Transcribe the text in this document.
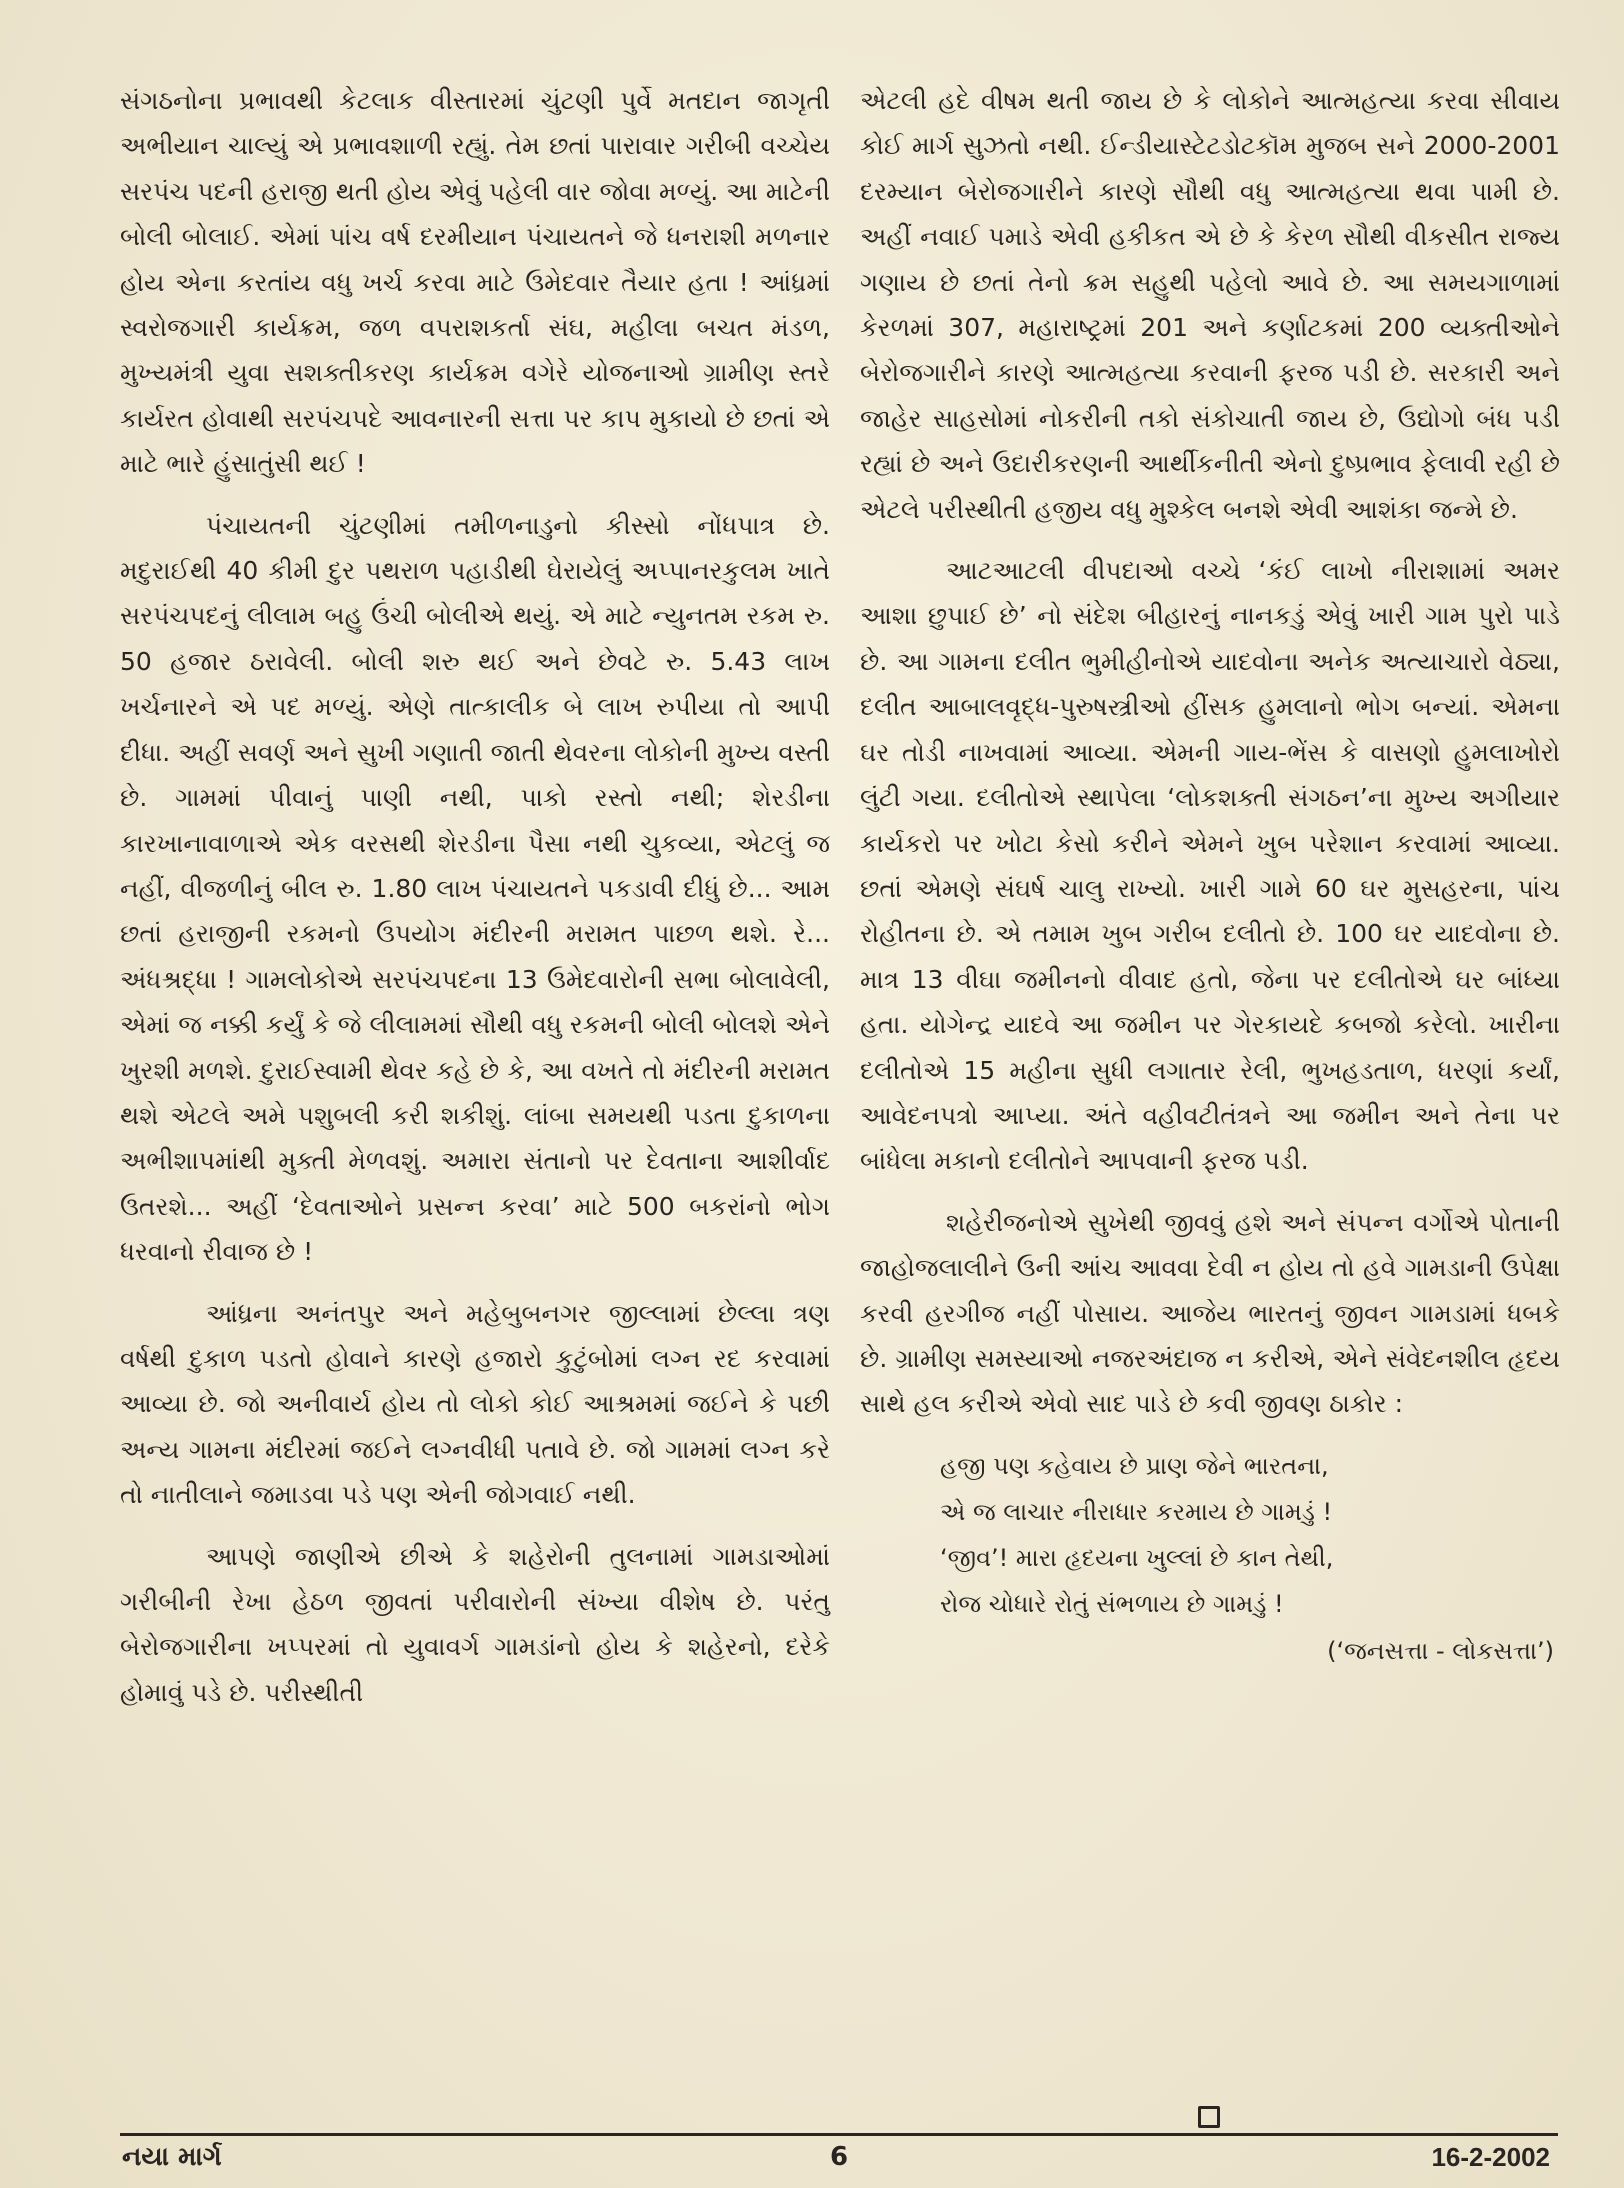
સંગઠનોના પ્રભાવથી કેટલાક વીસ્તારમાં ચુંટણી પુર્વે મતદાન જાગૃતી અભીયાન ચાલ્યું એ પ્રભાવશાળી રહ્યું. તેમ છતાં પારાવાર ગરીબી વચ્ચેય સરપંચ પદની હરાજી થતી હોય એવું પહેલી વાર જોવા મળ્યું. આ માટેની બોલી બોલાઈ. એમાં પાંચ વર્ષ દરમીયાન પંચાયતને જે ધનરાશી મળનાર હોય એના કરતાંય વધુ ખર્ચ કરવા માટે ઉમેદવાર તૈયાર હતા ! આંધ્રમાં સ્વરોજગારી કાર્યક્રમ, જળ વપરાશકર્તા સંઘ, મહીલા બચત મંડળ, મુખ્યમંત્રી યુવા સશક્તીકરણ કાર્યક્રમ વગેરે યોજનાઓ ગ્રામીણ સ્તરે કાર્યરત હોવાથી સરપંચપદે આવનારની સત્તા પર કાપ મુકાયો છે છતાં એ માટે ભારે હુંસાતુંસી થઈ !

પંચાયતની ચુંટણીમાં તમીળનાડુનો કીસ્સો નોંધપાત્ર છે. મદુરાઈથી 40 કીમી દુર પથરાળ પહાડીથી ઘેરાયેલું અપ્પાનરકુલમ ખાતે સરપંચપદનું લીલામ બહુ ઉંચી બોલીએ થયું. એ માટે ન્યુનતમ રકમ રુ. 50 હજાર ઠરાવેલી. બોલી શરુ થઈ અને છેવટે રુ. 5.43 લાખ ખર્ચનારને એ પદ મળ્યું. એણે તાત્કાલીક બે લાખ રુપીયા તો આપી દીધા. અહીં સવર્ણ અને સુખી ગણાતી જાતી થેવરના લોકોની મુખ્ય વસ્તી છે. ગામમાં પીવાનું પાણી નથી, પાકો રસ્તો નથી; શેરડીના કારખાનાવાળાએ એક વરસથી શેરડીના પૈસા નથી ચુકવ્યા, એટલું જ નહીં, વીજળીનું બીલ રુ. 1.80 લાખ પંચાયતને પકડાવી દીધું છે... આમ છતાં હરાજીની રકમનો ઉપયોગ મંદીરની મરામત પાછળ થશે. રે... અંધશ્રદ્ધા ! ગામલોકોએ સરપંચપદના 13 ઉમેદવારોની સભા બોલાવેલી, એમાં જ નક્કી કર્યું કે જે લીલામમાં સૌથી વધુ રકમની બોલી બોલશે એને ખુરશી મળશે. દુરાઈસ્વામી થેવર કહે છે કે, આ વખતે તો મંદીરની મરામત થશે એટલે અમે પશુબલી કરી શકીશું. લાંબા સમયથી પડતા દુકાળના અભીશાપમાંથી મુક્તી મેળવશું. અમારા સંતાનો પર દેવતાના આશીર્વાદ ઉતરશે... અહીં ‘દેવતાઓને પ્રસન્ન કરવા’ માટે 500 બકરાંનો ભોગ ધરવાનો રીવાજ છે !

આંધ્રના અનંતપુર અને મહેબુબનગર જીલ્લામાં છેલ્લા ત્રણ વર્ષથી દુકાળ પડતો હોવાને કારણે હજારો કુટુંબોમાં લગ્ન રદ કરવામાં આવ્યા છે. જો અનીવાર્ય હોય તો લોકો કોઈ આશ્રમમાં જઈને કે પછી અન્ય ગામના મંદીરમાં જઈને લગ્નવીધી પતાવે છે. જો ગામમાં લગ્ન કરે તો નાતીલાને જમાડવા પડે પણ એની જોગવાઈ નથી.

આપણે જાણીએ છીએ કે શહેરોની તુલનામાં ગામડાઓમાં ગરીબીની રેખા હેઠળ જીવતાં પરીવારોની સંખ્યા વીશેષ છે. પરંતુ બેરોજગારીના ખપ્પરમાં તો યુવાવર્ગ ગામડાંનો હોય કે શહેરનો, દરેકે હોમાવું પડે છે. પરીસ્થીતી

એટલી હદે વીષમ થતી જાય છે કે લોકોને આત્મહત્યા કરવા સીવાય કોઈ માર્ગ સુઝતો નથી. ઈન્ડીયાસ્ટેટડોટકૉમ મુજબ સને 2000-2001 દરમ્યાન બેરોજગારીને કારણે સૌથી વધુ આત્મહત્યા થવા પામી છે. અહીં નવાઈ પમાડે એવી હકીકત એ છે કે કેરળ સૌથી વીકસીત રાજ્ય ગણાય છે છતાં તેનો ક્રમ સહુથી પહેલો આવે છે. આ સમયગાળામાં કેરળમાં 307, મહારાષ્ટ્રમાં 201 અને કર્ણાટકમાં 200 વ્યક્તીઓને બેરોજગારીને કારણે આત્મહત્યા કરવાની ફરજ પડી છે. સરકારી અને જાહેર સાહસોમાં નોકરીની તકો સંકોચાતી જાય છે, ઉદ્યોગો બંધ પડી રહ્યાં છે અને ઉદારીકરણની આર્થીકનીતી એનો દુષ્પ્રભાવ ફેલાવી રહી છે એટલે પરીસ્થીતી હજીય વધુ મુશ્કેલ બનશે એવી આશંકા જન્મે છે.

આટઆટલી વીપદાઓ વચ્ચે ‘કંઈ લાખો નીરાશામાં અમર આશા છુપાઈ છે’ નો સંદેશ બીહારનું નાનકડું એવું ખારી ગામ પુરો પાડે છે. આ ગામના દલીત ભુમીહીનોએ યાદવોના અનેક અત્યાચારો વેઠ્યા, દલીત આબાલવૃદ્ધ-પુરુષસ્ત્રીઓ હીંસક હુમલાનો ભોગ બન્યાં. એમના ઘર તોડી નાખવામાં આવ્યા. એમની ગાય-ભેંસ કે વાસણો હુમલાખોરો લુંટી ગયા. દલીતોએ સ્થાપેલા ‘લોકશક્તી સંગઠન’ના મુખ્ય અગીયાર કાર્યકરો પર ખોટા કેસો કરીને એમને ખુબ પરેશાન કરવામાં આવ્યા. છતાં એમણે સંઘર્ષ ચાલુ રાખ્યો. ખારી ગામે 60 ઘર મુસહરના, પાંચ રોહીતના છે. એ તમામ ખુબ ગરીબ દલીતો છે. 100 ઘર યાદવોના છે. માત્ર 13 વીઘા જમીનનો વીવાદ હતો, જેના પર દલીતોએ ઘર બાંધ્યા હતા. યોગેન્દ્ર યાદવે આ જમીન પર ગેરકાયદે કબજો કરેલો. ખારીના દલીતોએ 15 મહીના સુધી લગાતાર રેલી, ભુખહડતાળ, ધરણાં કર્યાં, આવેદનપત્રો આપ્યા. અંતે વહીવટીતંત્રને આ જમીન અને તેના પર બાંધેલા મકાનો દલીતોને આપવાની ફરજ પડી.

શહેરીજનોએ સુખેથી જીવવું હશે અને સંપન્ન વર્ગોએ પોતાની જાહોજલાલીને ઉની આંચ આવવા દેવી ન હોય તો હવે ગામડાની ઉપેક્ષા કરવી હરગીજ નહીં પોસાય. આજેય ભારતનું જીવન ગામડામાં ધબકે છે. ગ્રામીણ સમસ્યાઓ નજરઅંદાજ ન કરીએ, એને સંવેદનશીલ હૃદય સાથે હલ કરીએ એવો સાદ પાડે છે કવી જીવણ ઠાકોર :

હજી પણ કહેવાય છે પ્રાણ જેને ભારતના,
એ જ લાચાર નીરાધાર કરમાય છે ગામડું !
‘જીવ’! મારા હૃદયના ખુલ્લાં છે કાન તેથી,
રોજ ચોધારે રોતું સંભળાય છે ગામડું !
(‘જનસત્તા - લોકસત્તા’)
નયા માર્ગ	6	16-2-2002
